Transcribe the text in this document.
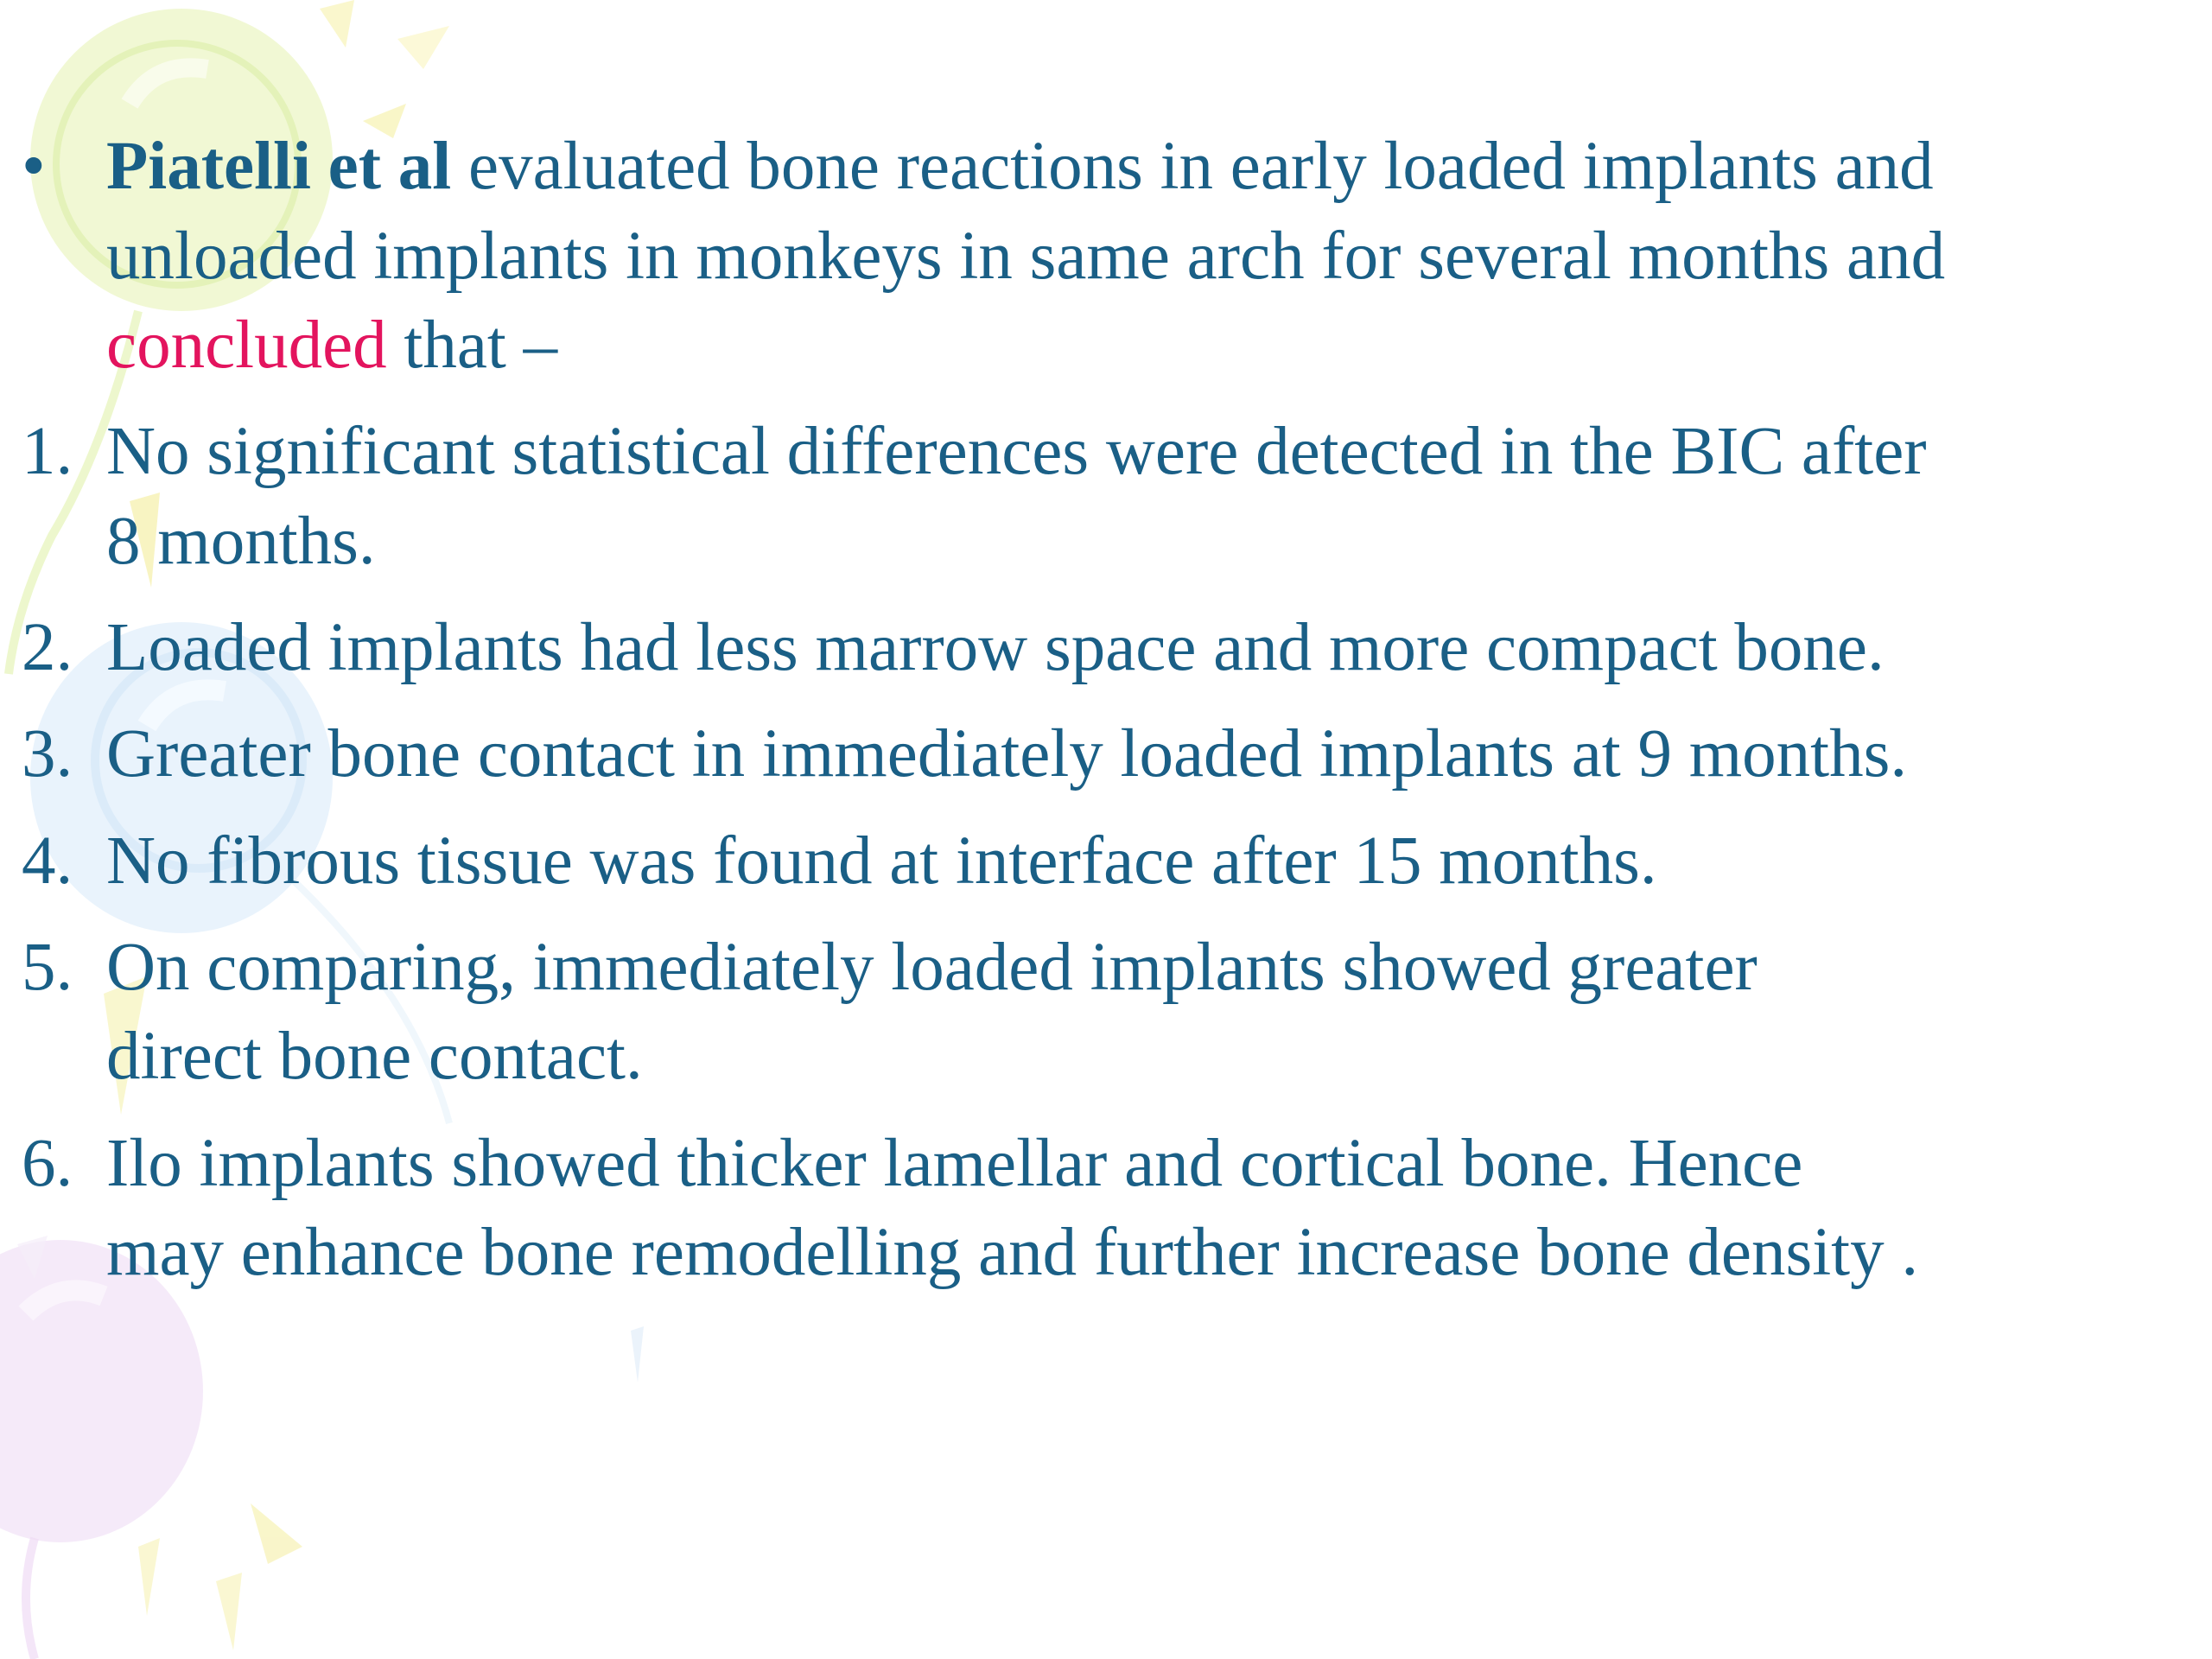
• Piatelli et al evaluated bone reactions in early loaded implants and

unloaded implants in monkeys in same arch for several months and

concluded that –

1. No significant statistical differences were detected in the BIC after

8 months.

2. Loaded implants had less marrow space and more compact bone.

3. Greater bone contact in immediately loaded implants at 9 months.

4. No fibrous tissue was found at interface after 15 months.

5. On comparing, immediately loaded implants showed greater

direct bone contact.

6. Ilo implants showed thicker lamellar and cortical bone. Hence

may enhance bone remodelling and further increase bone density .
